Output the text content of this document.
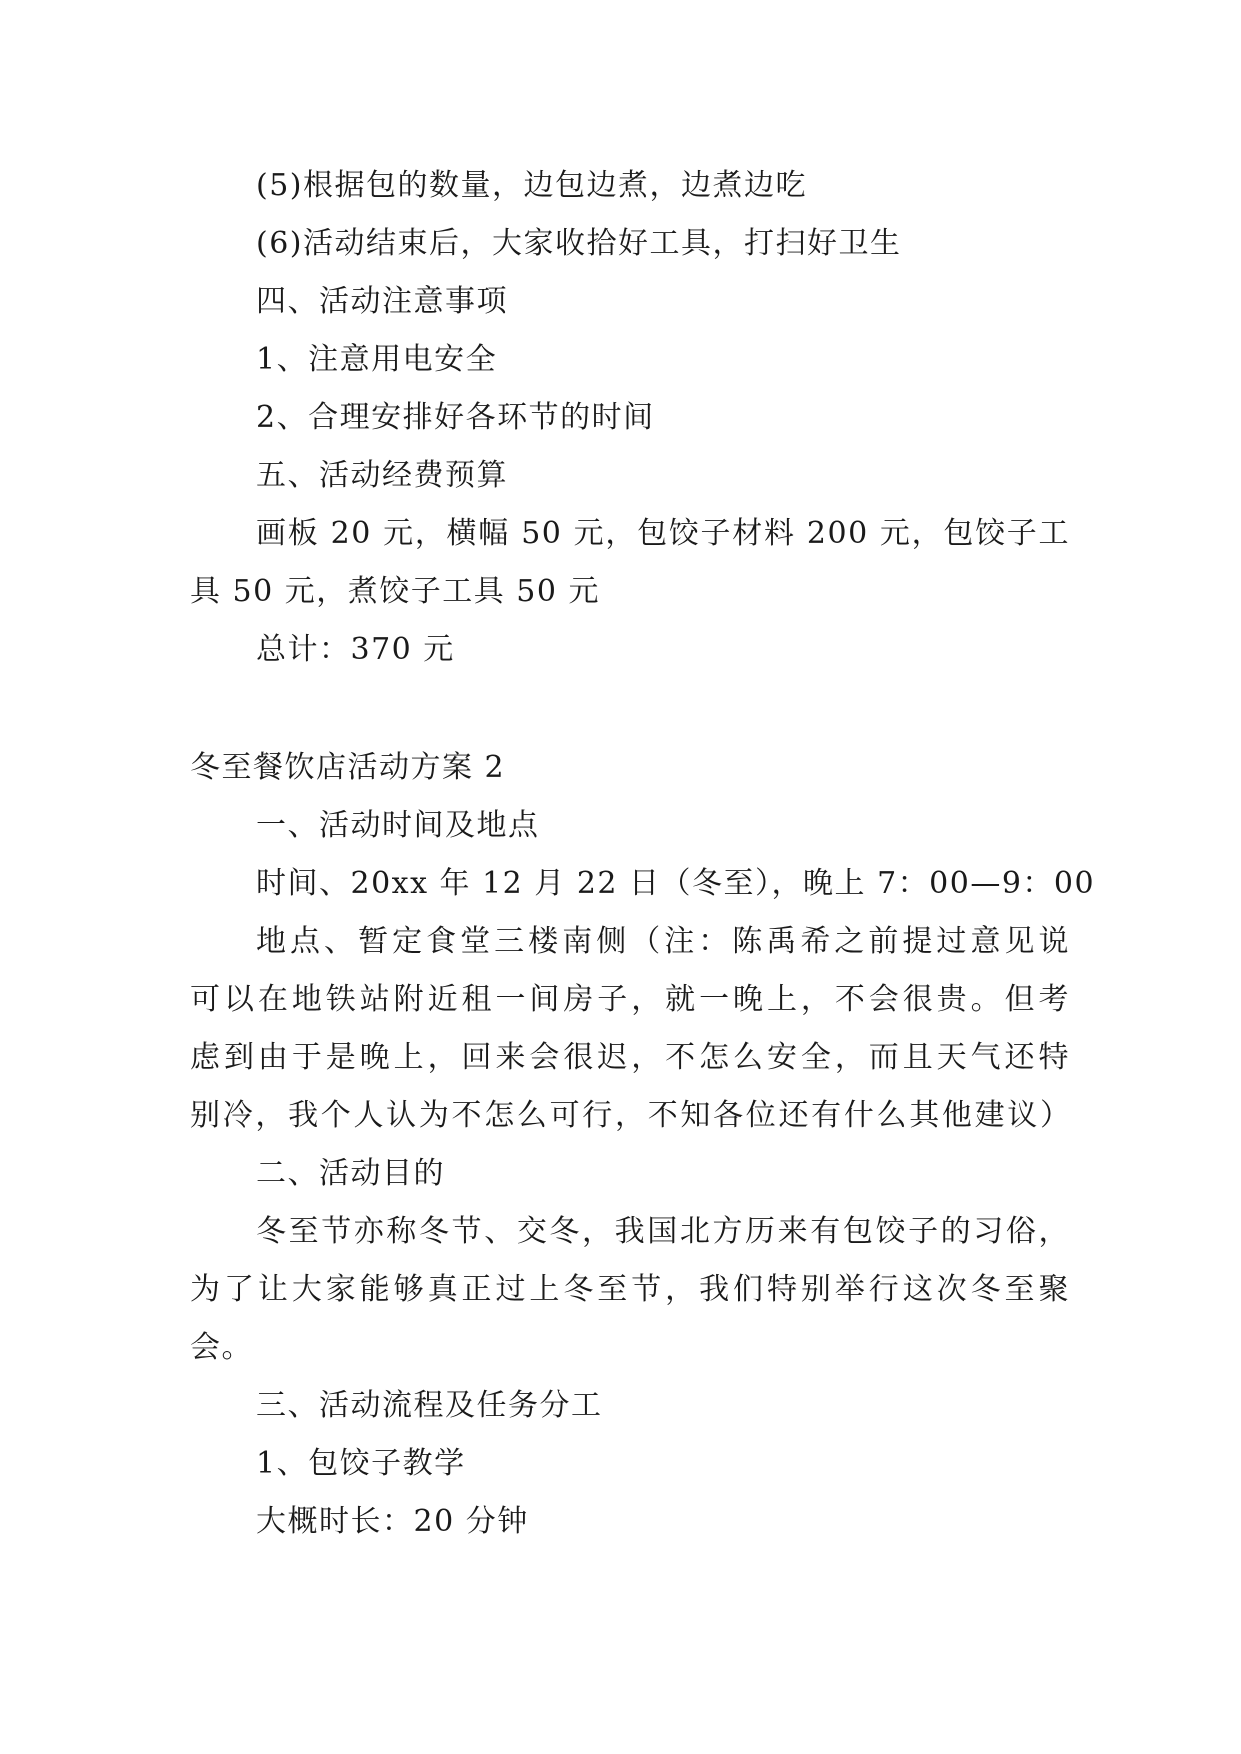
(5)根据包的数量，边包边煮，边煮边吃
(6)活动结束后，大家收拾好工具，打扫好卫生
四、活动注意事项
1、注意用电安全
2、合理安排好各环节的时间
五、活动经费预算
画板 20 元，横幅 50 元，包饺子材料 200 元，包饺子工
具 50 元，煮饺子工具 50 元
总计：370 元
冬至餐饮店活动方案 2
一、活动时间及地点
时间、20xx 年 12 月 22 日（冬至），晚上 7：00—9：00
地点、暂定食堂三楼南侧（注：陈禹希之前提过意见说
可以在地铁站附近租一间房子，就一晚上，不会很贵。但考
虑到由于是晚上，回来会很迟，不怎么安全，而且天气还特
别冷，我个人认为不怎么可行，不知各位还有什么其他建议）
二、活动目的
冬至节亦称冬节、交冬，我国北方历来有包饺子的习俗，
为了让大家能够真正过上冬至节，我们特别举行这次冬至聚
会。
三、活动流程及任务分工
1、包饺子教学
大概时长：20 分钟
